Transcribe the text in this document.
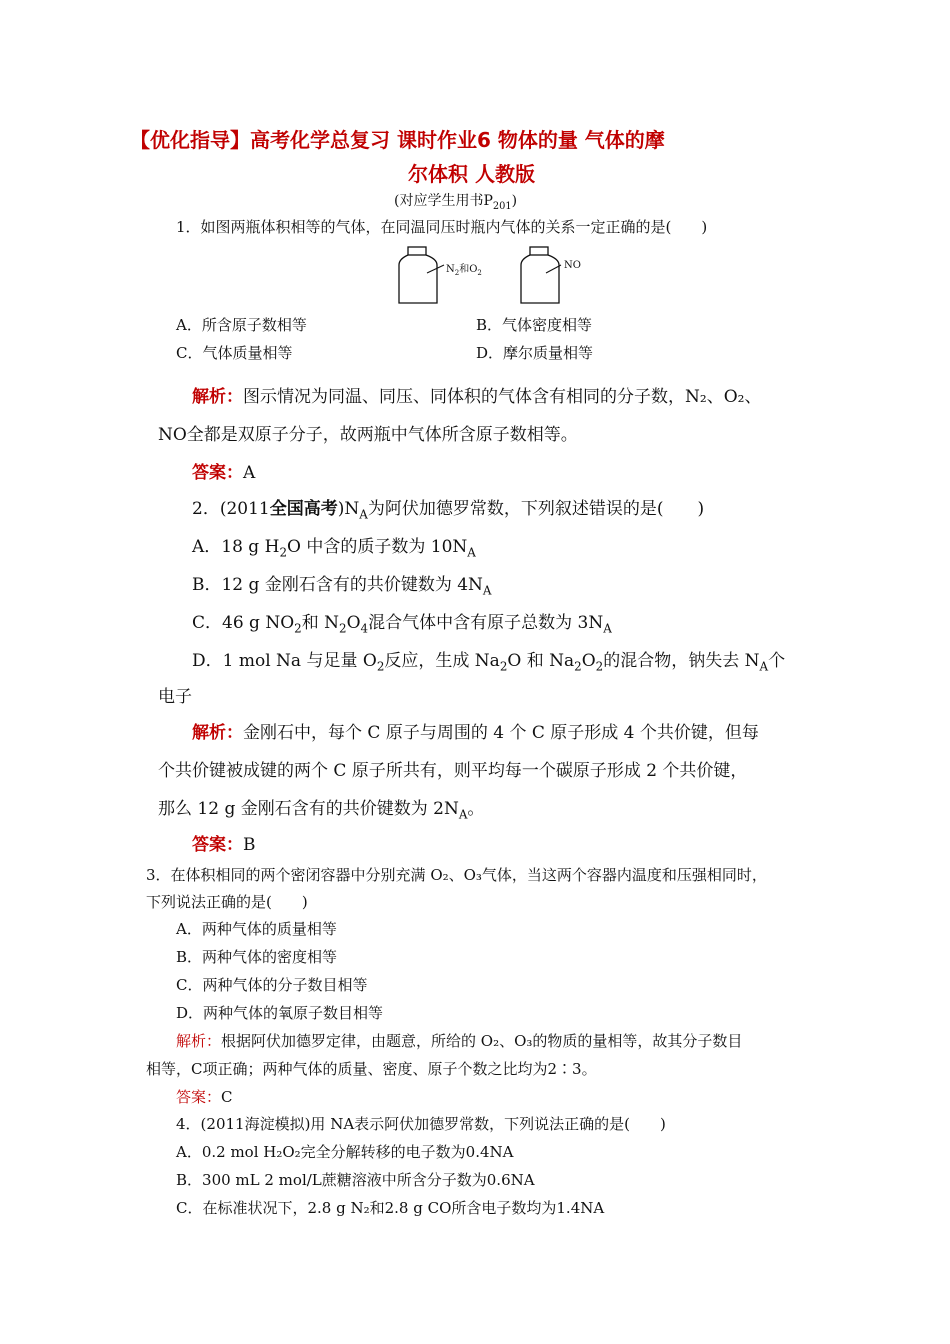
【优化指导】高考化学总复习 课时作业6 物体的量 气体的摩
尔体积 人教版
(对应学生用书$P_{201}$)
1．如图两瓶体积相等的气体，在同温同压时瓶内气体的关系一定正确的是(　　)
$N_2$和$O_2$
NO
A．所含原子数相等	B．气体密度相等
C．气体质量相等	D．摩尔质量相等
解析：图示情况为同温、同压、同体积的气体含有相同的分子数，N₂、O₂、
NO全都是双原子分子，故两瓶中气体所含原子数相等。
答案：A
2．(2011全国高考)$N_A$为阿伏加德罗常数，下列叙述错误的是(　　)
A．18 g $H_2O$ 中含的质子数为 $10N_A$
B．12 g 金刚石含有的共价键数为 $4N_A$
C．46 g $NO_2$和 $N_2O_4$混合气体中含有原子总数为 $3N_A$
D．1 mol Na 与足量 $O_2$反应，生成 $Na_2O$ 和 $Na_2O_2$的混合物，钠失去 $N_A$个
电子
解析：金刚石中，每个 C 原子与周围的 4 个 C 原子形成 4 个共价键，但每
个共价键被成键的两个 C 原子所共有，则平均每一个碳原子形成 2 个共价键，
那么 12 g 金刚石含有的共价键数为 $2N_A$。
答案：B
3．在体积相同的两个密闭容器中分别充满 O₂、O₃气体，当这两个容器内温度和压强相同时，
下列说法正确的是(　　)
A．两种气体的质量相等
B．两种气体的密度相等
C．两种气体的分子数目相等
D．两种气体的氧原子数目相等
解析：根据阿伏加德罗定律，由题意，所给的 O₂、O₃的物质的量相等，故其分子数目
相等，C项正确；两种气体的质量、密度、原子个数之比均为2∶3。
答案：C
4．(2011海淀模拟)用 NA表示阿伏加德罗常数，下列说法正确的是(　　)
A．0.2 mol H₂O₂完全分解转移的电子数为0.4NA
B．300 mL 2 mol/L蔗糖溶液中所含分子数为0.6NA
C．在标准状况下，2.8 g N₂和2.8 g CO所含电子数均为1.4NA
